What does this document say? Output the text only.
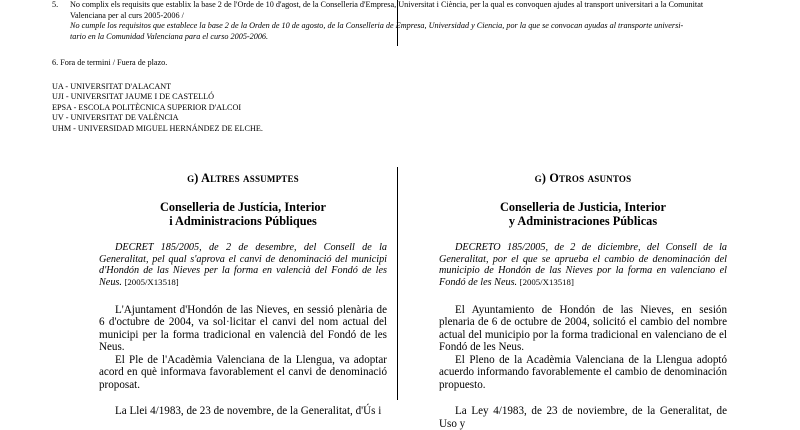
5. No complix els requisits que establix la base 2 de l'Orde de 10 d'agost, de la Conselleria d'Empresa, Universitat i Ciència, per la qual es convoquen ajudes al transport universitari a la Comunitat

Valenciana per al curs 2005-2006 /

No cumple los requisitos que establece la base 2 de la Orden de 10 de agosto, de la Conselleria de Empresa, Universidad y Ciencia, por la que se convocan ayudas al transporte universi-

tario en la Comunidad Valenciana para el curso 2005-2006.

6. Fora de termini / Fuera de plazo.
UA - UNIVERSITAT D'ALACANT
UJI - UNIVERSITAT JAUME I DE CASTELLÓ
EPSA - ESCOLA POLITÈCNICA SUPERIOR D'ALCOI
UV - UNIVERSITAT DE VALÈNCIA
UHM - UNIVERSIDAD MIGUEL HERNÁNDEZ DE ELCHE.
g) Altres assumptes
Conselleria de Justícia, Interior
i Administracions Públiques

DECRET 185/2005, de 2 de desembre, del Consell de la Generalitat, pel qual s'aprova el canvi de denominació del municipi d'Hondón de las Nieves per la forma en valencià del Fondó de les Neus. [2005/X13518]

L'Ajuntament d'Hondón de las Nieves, en sessió plenària de 6 d'octubre de 2004, va sol·licitar el canvi del nom actual del municipi per la forma tradicional en valencià del Fondó de les Neus.

El Ple de l'Acadèmia Valenciana de la Llengua, va adoptar acord en què informava favorablement el canvi de denominació proposat.

La Llei 4/1983, de 23 de novembre, de la Generalitat, d'Ús i

g) Otros asuntos
Conselleria de Justicia, Interior
y Administraciones Públicas

DECRETO 185/2005, de 2 de diciembre, del Consell de la Generalitat, por el que se aprueba el cambio de denominación del municipio de Hondón de las Nieves por la forma en valenciano el Fondó de les Neus. [2005/X13518]

El Ayuntamiento de Hondón de las Nieves, en sesión plenaria de 6 de octubre de 2004, solicitó el cambio del nombre actual del municipio por la forma tradicional en valenciano de el Fondó de les Neus.

El Pleno de la Acadèmia Valenciana de la Llengua adoptó acuerdo informando favorablemente el cambio de denominación propuesto.

La Ley 4/1983, de 23 de noviembre, de la Generalitat, de Uso y
